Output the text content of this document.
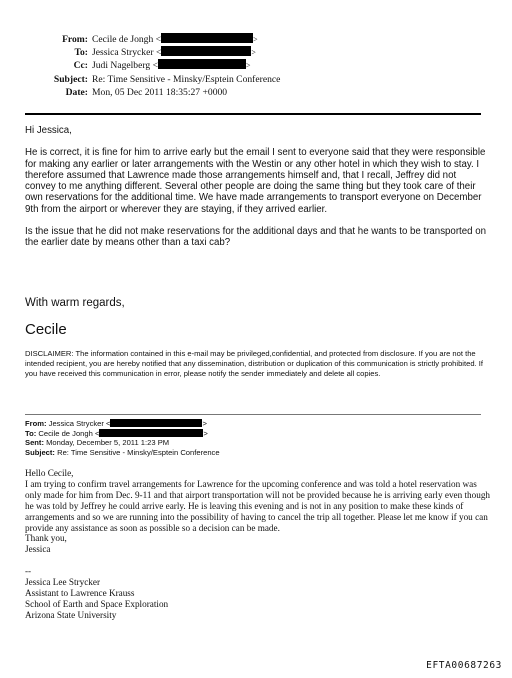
From: Cecile de Jongh <	>
To: Jessica Strycker <	>
Cc: Judi Nagelberg <	>
Subject: Re: Time Sensitive - Minsky/Esptein Conference
Date: Mon, 05 Dec 2011 18:35:27 +0000

Hi Jessica,

He is correct, it is fine for him to arrive early but the email I sent to everyone said that they were responsible for making any earlier or later arrangements with the Westin or any other hotel in which they wish to stay. I therefore assumed that Lawrence made those arrangements himself and, that I recall, Jeffrey did not convey to me anything different. Several other people are doing the same thing but they took care of their own reservations for the additional time. We have made arrangements to transport everyone on December 9th from the airport or wherever they are staying, if they arrived earlier.

Is the issue that he did not make reservations for the additional days and that he wants to be transported on the earlier date by means other than a taxi cab?

With warm regards,
Cecile
DISCLAIMER: The information contained in this e-mail may be privileged,confidential, and protected from disclosure. If you are not the intended recipient, you are hereby notified that any dissemination, distribution or duplication of this communication is strictly prohibited. If you have received this communication in error, please notify the sender immediately and delete all copies.
From: Jessica Strycker <	>
To: Cecile de Jongh <	>
Sent: Monday, December 5, 2011 1:23 PM
Subject: Re: Time Sensitive - Minsky/Esptein Conference

Hello Cecile,

I am trying to confirm travel arrangements for Lawrence for the upcoming conference and was told a hotel reservation was only made for him from Dec. 9-11 and that airport transportation will not be provided because he is arriving early even though he was told by Jeffrey he could arrive early. He is leaving this evening and is not in any position to make these kinds of arrangements and so we are running into the possibility of having to cancel the trip all together. Please let me know if you can provide any assistance as soon as possible so a decision can be made.

Thank you,

Jessica

--

Jessica Lee Strycker

Assistant to Lawrence Krauss

School of Earth and Space Exploration

Arizona State University

EFTA00687263
